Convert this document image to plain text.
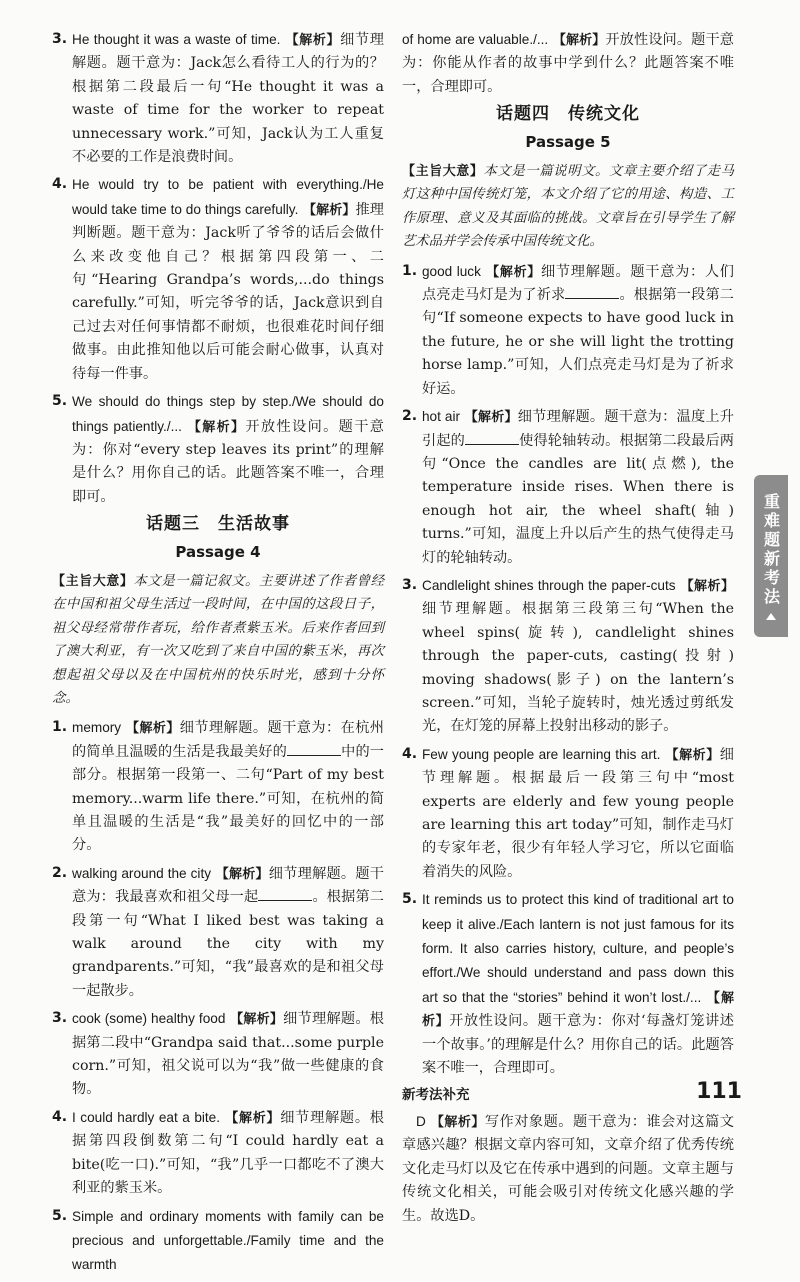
3. He thought it was a waste of time. 【解析】细节理解题。题干意为：Jack怎么看待工人的行为的？根据第二段最后一句“He thought it was a waste of time for the worker to repeat unnecessary work.”可知，Jack认为工人重复不必要的工作是浪费时间。
4. He would try to be patient with everything./He would take time to do things carefully. 【解析】推理判断题。题干意为：Jack听了爷爷的话后会做什么来改变他自己？根据第四段第一、二句“Hearing Grandpa’s words,...do things carefully.”可知，听完爷爷的话，Jack意识到自己过去对任何事情都不耐烦，也很难花时间仔细做事。由此推知他以后可能会耐心做事，认真对待每一件事。
5. We should do things step by step./We should do things patiently./... 【解析】开放性设问。题干意为：你对“every step leaves its print”的理解是什么？用你自己的话。此题答案不唯一，合理即可。
话题三　生活故事
Passage 4
【主旨大意】本文是一篇记叙文。主要讲述了作者曾经在中国和祖父母生活过一段时间，在中国的这段日子，祖父母经常带作者玩，给作者煮紫玉米。后来作者回到了澳大利亚，有一次又吃到了来自中国的紫玉米，再次想起祖父母以及在中国杭州的快乐时光，感到十分怀念。
1. memory 【解析】细节理解题。题干意为：在杭州的简单且温暖的生活是我最美好的	中的一部分。根据第一段第一、二句“Part of my best memory...warm life there.”可知，在杭州的简单且温暖的生活是“我”最美好的回忆中的一部分。
2. walking around the city 【解析】细节理解题。题干意为：我最喜欢和祖父母一起	。根据第二段第一句“What I liked best was taking a walk around the city with my grandparents.”可知，“我”最喜欢的是和祖父母一起散步。
3. cook (some) healthy food 【解析】细节理解题。根据第二段中“Grandpa said that...some purple corn.”可知，祖父说可以为“我”做一些健康的食物。
4. I could hardly eat a bite. 【解析】细节理解题。根据第四段倒数第二句“I could hardly eat a bite(吃一口).”可知，“我”几乎一口都吃不了澳大利亚的紫玉米。
5. Simple and ordinary moments with family can be precious and unforgettable./Family time and the warmth
of home are valuable./... 【解析】开放性设问。题干意为：你能从作者的故事中学到什么？此题答案不唯一，合理即可。
话题四　传统文化
Passage 5
【主旨大意】本文是一篇说明文。文章主要介绍了走马灯这种中国传统灯笼，本文介绍了它的用途、构造、工作原理、意义及其面临的挑战。文章旨在引导学生了解艺术品并学会传承中国传统文化。
1. good luck 【解析】细节理解题。题干意为：人们点亮走马灯是为了祈求	。根据第一段第二句“If someone expects to have good luck in the future, he or she will light the trotting horse lamp.”可知，人们点亮走马灯是为了祈求好运。
2. hot air 【解析】细节理解题。题干意为：温度上升引起的	使得轮轴转动。根据第二段最后两句“Once the candles are lit(点燃), the temperature inside rises. When there is enough hot air, the wheel shaft(轴) turns.”可知，温度上升以后产生的热气使得走马灯的轮轴转动。
3. Candlelight shines through the paper-cuts 【解析】细节理解题。根据第三段第三句“When the wheel spins(旋转), candlelight shines through the paper-cuts, casting(投射) moving shadows(影子) on the lantern’s screen.”可知，当轮子旋转时，烛光透过剪纸发光，在灯笼的屏幕上投射出移动的影子。
4. Few young people are learning this art. 【解析】细节理解题。根据最后一段第三句中“most experts are elderly and few young people are learning this art today”可知，制作走马灯的专家年老，很少有年轻人学习它，所以它面临着消失的风险。
5. It reminds us to protect this kind of traditional art to keep it alive./Each lantern is not just famous for its form. It also carries history, culture, and people’s effort./We should understand and pass down this art so that the “stories” behind it won’t lost./... 【解析】开放性设问。题干意为：你对‘每盏灯笼讲述一个故事。’的理解是什么？用你自己的话。此题答案不唯一，合理即可。
新考法补充
D 【解析】写作对象题。题干意为：谁会对这篇文章感兴趣？根据文章内容可知，文章介绍了优秀传统文化走马灯以及它在传承中遇到的问题。文章主题与传统文化相关，可能会吸引对传统文化感兴趣的学生。故选D。
重难题新考法
111
